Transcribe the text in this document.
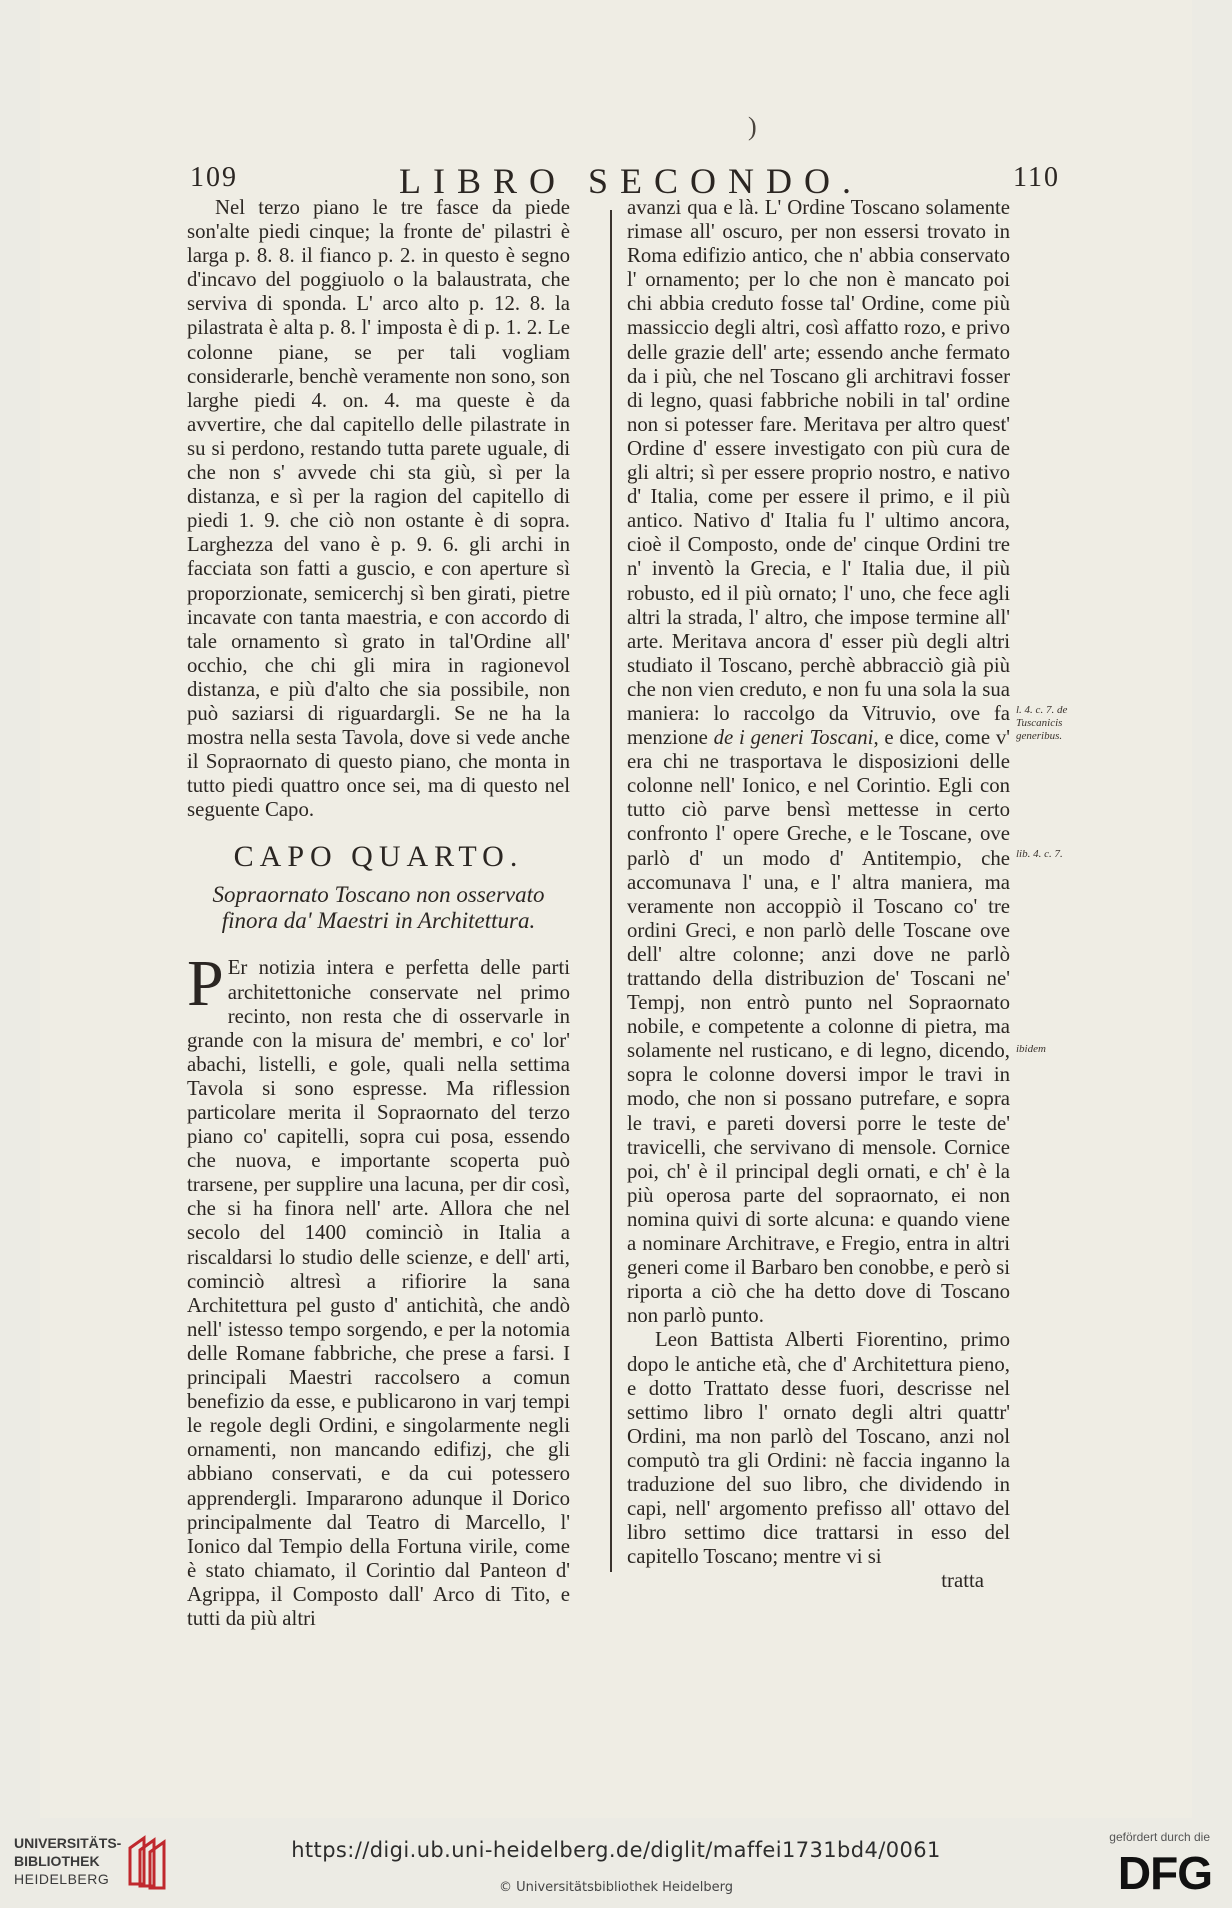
)
109	LIBRO SECONDO.	110

Nel terzo piano le tre fasce da piede son'alte piedi cinque; la fronte de' pilastri è larga p. 8. 8. il fianco p. 2. in questo è segno d'incavo del poggiuolo o la balaustrata, che serviva di sponda. L' arco alto p. 12. 8. la pilastrata è alta p. 8. l' imposta è di p. 1. 2. Le colonne piane, se per tali vogliam considerarle, benchè veramente non sono, son larghe piedi 4. on. 4. ma queste è da avvertire, che dal capitello delle pilastrate in su si perdono, restando tutta parete uguale, di che non s' avvede chi sta giù, sì per la distanza, e sì per la ragion del capitello di piedi 1. 9. che ciò non ostante è di sopra. Larghezza del vano è p. 9. 6. gli archi in facciata son fatti a guscio, e con aperture sì proporzionate, semicerchj sì ben girati, pietre incavate con tanta maestria, e con accordo di tale ornamento sì grato in tal'Ordine all' occhio, che chi gli mira in ragionevol distanza, e più d'alto che sia possibile, non può saziarsi di riguardargli. Se ne ha la mostra nella sesta Tavola, dove si vede anche il Sopraornato di questo piano, che monta in tutto piedi quattro once sei, ma di questo nel seguente Capo.

CAPO QUARTO.
Sopraornato Toscano non osservato finora da' Maestri in Architettura.

P Er notizia intera e perfetta delle parti architettoniche conservate nel primo recinto, non resta che di osservarle in grande con la misura de' membri, e co' lor' abachi, listelli, e gole, quali nella settima Tavola si sono espresse. Ma riflession particolare merita il Sopraornato del terzo piano co' capitelli, sopra cui posa, essendo che nuova, e importante scoperta può trarsene, per supplire una lacuna, per dir così, che si ha finora nell' arte. Allora che nel secolo del 1400 cominciò in Italia a riscaldarsi lo studio delle scienze, e dell' arti, cominciò altresì a rifiorire la sana Architettura pel gusto d' antichità, che andò nell' istesso tempo sorgendo, e per la notomia delle Romane fabbriche, che prese a farsi. I principali Maestri raccolsero a comun benefizio da esse, e publicarono in varj tempi le regole degli Ordini, e singolarmente negli ornamenti, non mancando edifizj, che gli abbiano conservati, e da cui potessero apprendergli. Impararono adunque il Dorico principalmente dal Teatro di Marcello, l' Ionico dal Tempio della Fortuna virile, come è stato chiamato, il Corintio dal Panteon d' Agrippa, il Composto dall' Arco di Tito, e tutti da più altri

avanzi qua e là. L' Ordine Toscano solamente rimase all' oscuro, per non essersi trovato in Roma edifizio antico, che n' abbia conservato l' ornamento; per lo che non è mancato poi chi abbia creduto fosse tal' Ordine, come più massiccio degli altri, così affatto rozo, e privo delle grazie dell' arte; essendo anche fermato da i più, che nel Toscano gli architravi fosser di legno, quasi fabbriche nobili in tal' ordine non si potesser fare. Meritava per altro quest' Ordine d' essere investigato con più cura de gli altri; sì per essere proprio nostro, e nativo d' Italia, come per essere il primo, e il più antico. Nativo d' Italia fu l' ultimo ancora, cioè il Composto, onde de' cinque Ordini tre n' inventò la Grecia, e l' Italia due, il più robusto, ed il più ornato; l' uno, che fece agli altri la strada, l' altro, che impose termine all' arte. Meritava ancora d' esser più degli altri studiato il Toscano, perchè abbracciò già più che non vien creduto, e non fu una sola la sua maniera: lo raccolgo da Vitruvio, ove fa menzione de i generi Toscani, e dice, come v' era chi ne trasportava le disposizioni delle colonne nell' Ionico, e nel Corintio. Egli con tutto ciò parve bensì mettesse in certo confronto l' opere Greche, e le Toscane, ove parlò d' un modo d' Antitempio, che accomunava l' una, e l' altra maniera, ma veramente non accoppiò il Toscano co' tre ordini Greci, e non parlò delle Toscane ove dell' altre colonne; anzi dove ne parlò trattando della distribuzion de' Toscani ne' Tempj, non entrò punto nel Sopraornato nobile, e competente a colonne di pietra, ma solamente nel rusticano, e di legno, dicendo, sopra le colonne doversi impor le travi in modo, che non si possano putrefare, e sopra le travi, e pareti doversi porre le teste de' travicelli, che servivano di mensole. Cornice poi, ch' è il principal degli ornati, e ch' è la più operosa parte del sopraornato, ei non nomina quivi di sorte alcuna: e quando viene a nominare Architrave, e Fregio, entra in altri generi come il Barbaro ben conobbe, e però si riporta a ciò che ha detto dove di Toscano non parlò punto.

Leon Battista Alberti Fiorentino, primo dopo le antiche età, che d' Architettura pieno, e dotto Trattato desse fuori, descrisse nel settimo libro l' ornato degli altri quattr' Ordini, ma non parlò del Toscano, anzi nol computò tra gli Ordini: nè faccia inganno la traduzione del suo libro, che dividendo in capi, nell' argomento prefisso all' ottavo del libro settimo dice trattarsi in esso del capitello Toscano; mentre vi si

tratta

l. 4. c. 7. de Tuscanicis generibus.
lib. 4. c. 7.
ibidem
UNIVERSITÄTS-
BIBLIOTHEK
HEIDELBERG
https://digi.ub.uni-heidelberg.de/diglit/maffei1731bd4/0061
© Universitätsbibliothek Heidelberg
gefördert durch die
DFG
